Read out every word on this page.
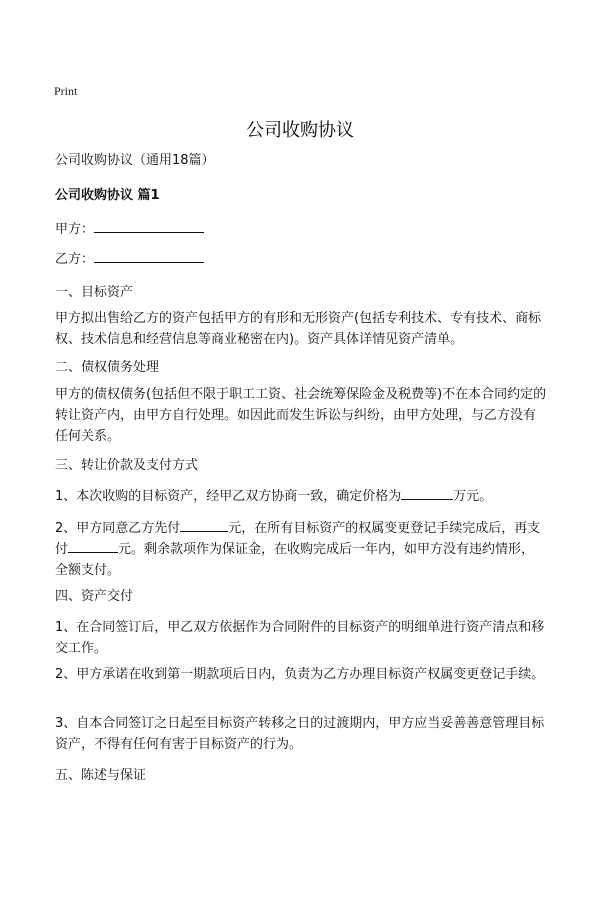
Print
公司收购协议
公司收购协议（通用18篇）
公司收购协议 篇1
甲方：
乙方：
一、目标资产
甲方拟出售给乙方的资产包括甲方的有形和无形资产(包括专利技术、专有技术、商标权、技术信息和经营信息等商业秘密在内)。资产具体详情见资产清单。
二、债权债务处理
甲方的债权债务(包括但不限于职工工资、社会统筹保险金及税费等)不在本合同约定的转让资产内，由甲方自行处理。如因此而发生诉讼与纠纷，由甲方处理，与乙方没有任何关系。
三、转让价款及支付方式
1、本次收购的目标资产，经甲乙双方协商一致，确定价格为	万元。
2、甲方同意乙方先付	元，在所有目标资产的权属变更登记手续完成后，再支付	元。剩余款项作为保证金，在收购完成后一年内，如甲方没有违约情形，全额支付。
四、资产交付
1、在合同签订后，甲乙双方依据作为合同附件的目标资产的明细单进行资产清点和移交工作。
2、甲方承诺在收到第一期款项后日内，负责为乙方办理目标资产权属变更登记手续。
3、自本合同签订之日起至目标资产转移之日的过渡期内，甲方应当妥善善意管理目标资产，不得有任何有害于目标资产的行为。
五、陈述与保证
